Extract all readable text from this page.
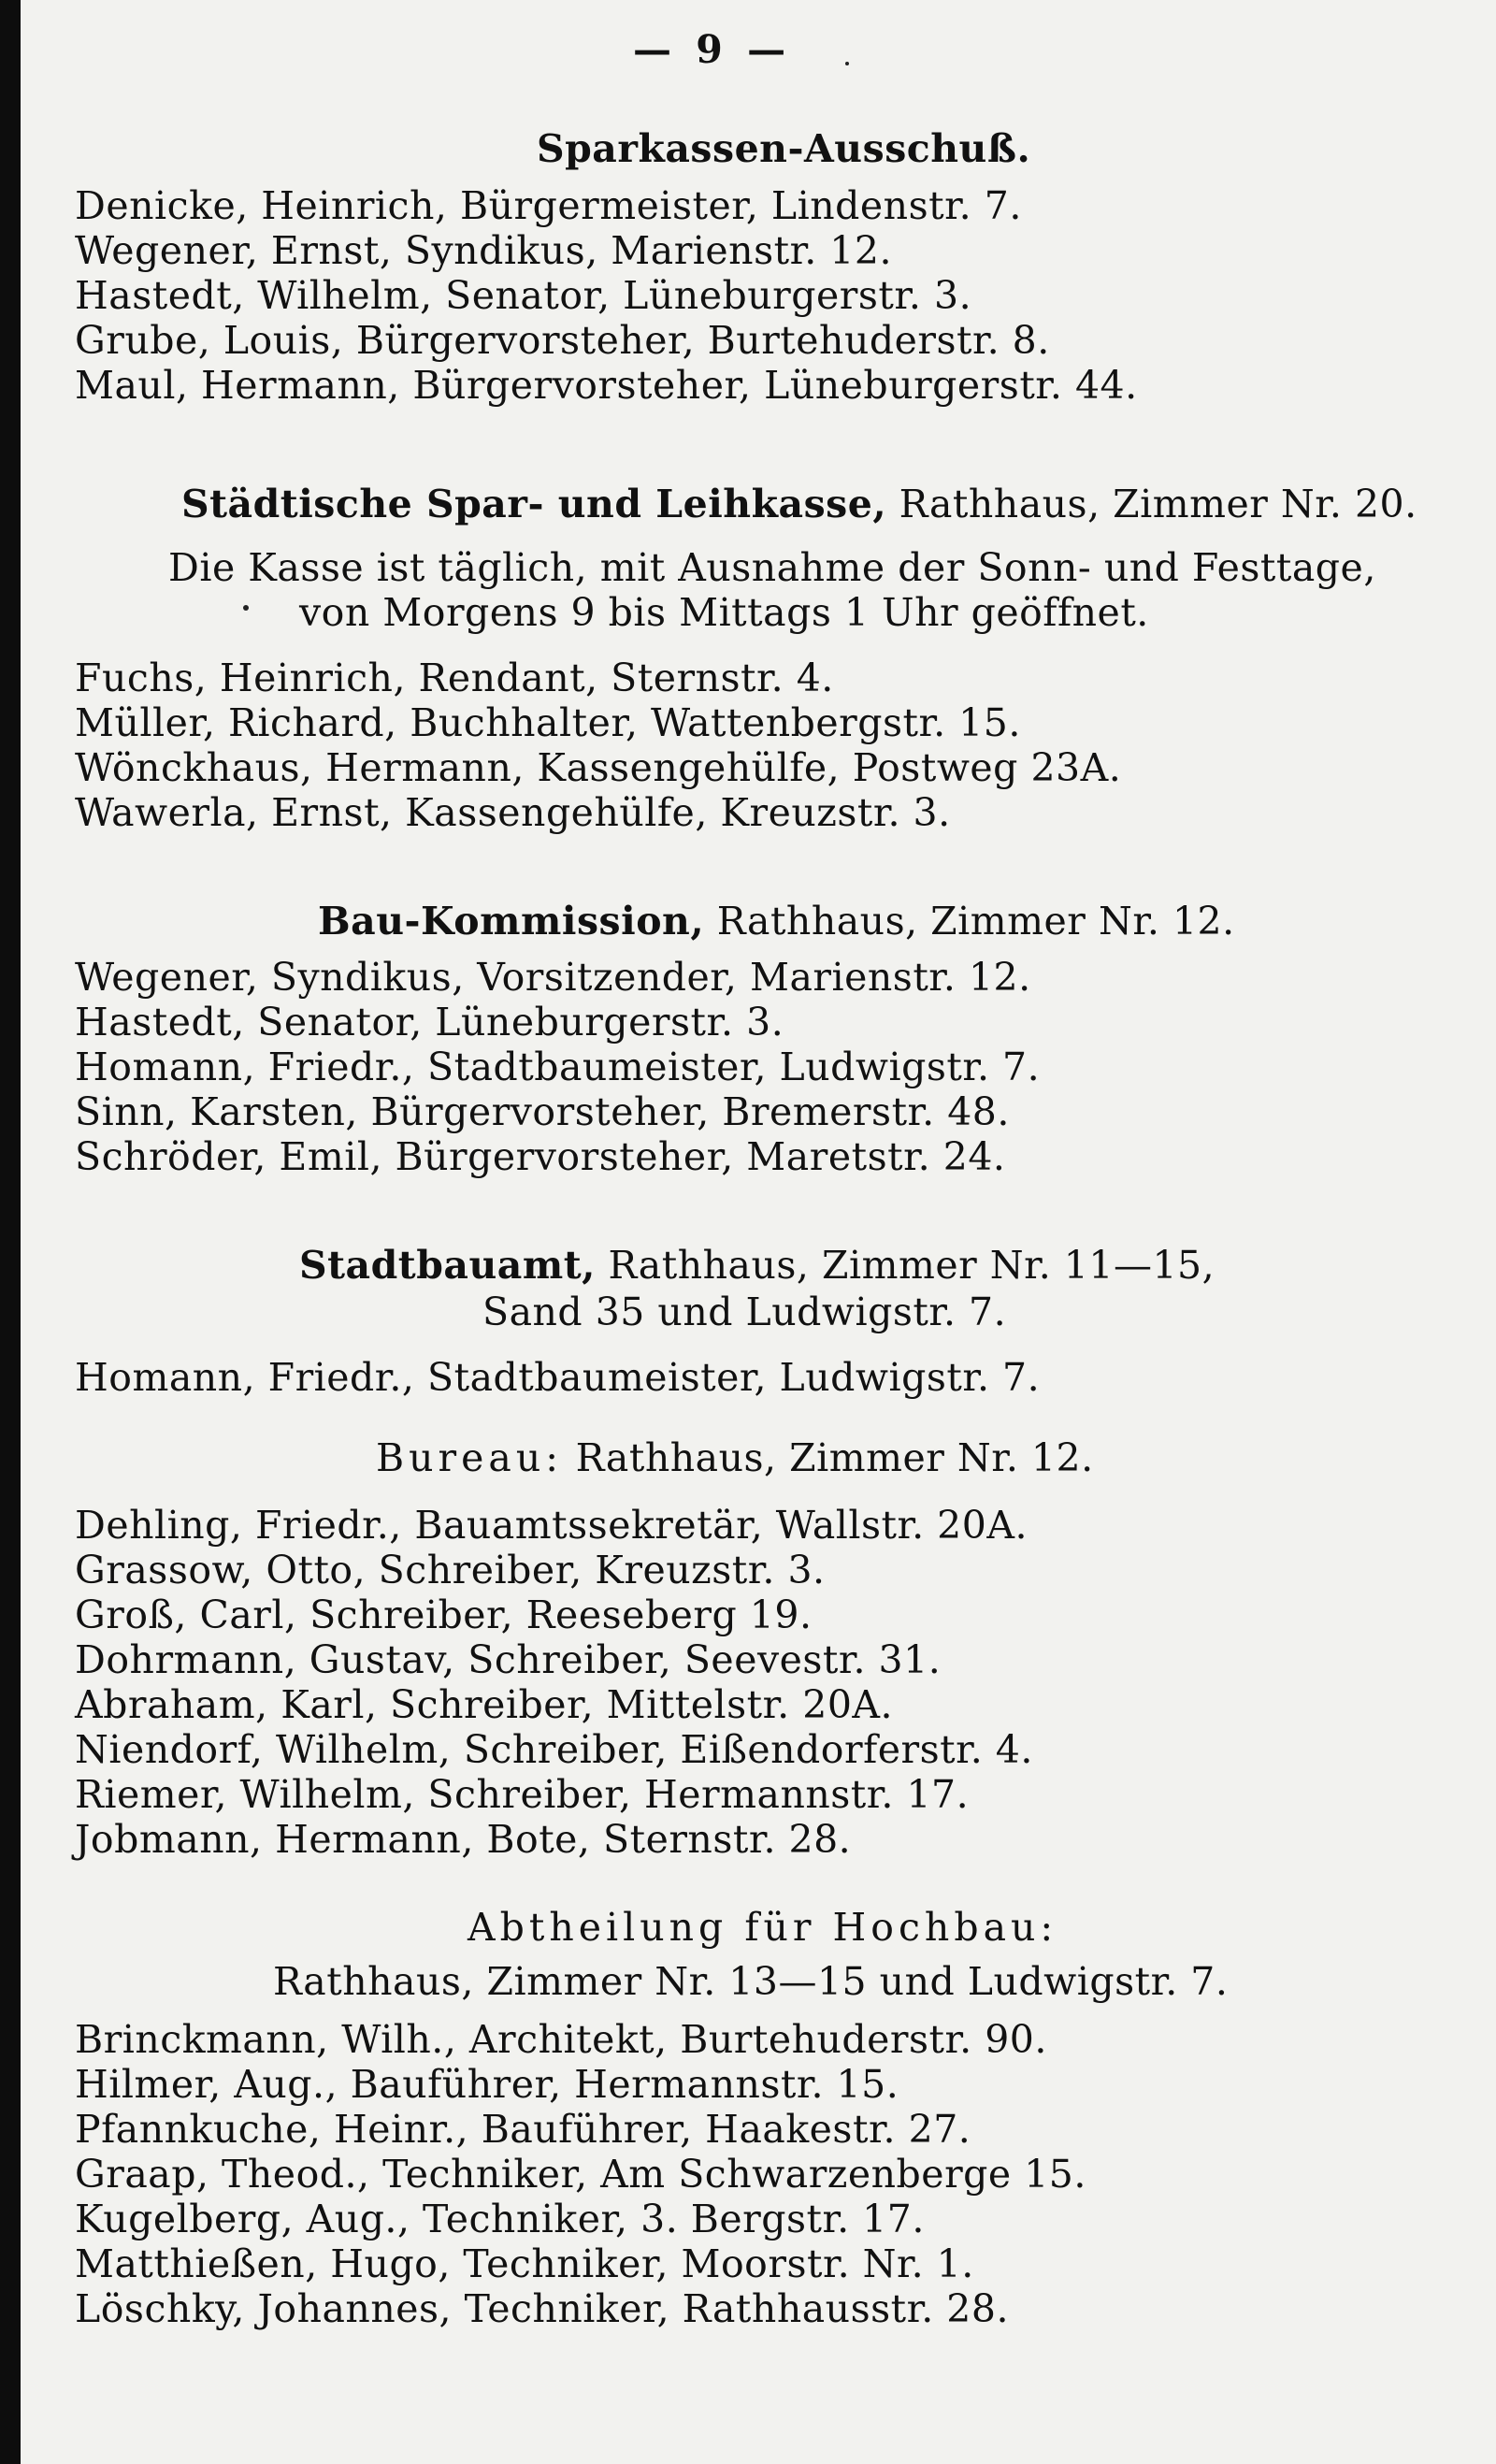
— 9 —
Sparkassen-Ausschuß.
Denicke, Heinrich, Bürgermeister, Lindenstr. 7.
Wegener, Ernst, Syndikus, Marienstr. 12.
Hastedt, Wilhelm, Senator, Lüneburgerstr. 3.
Grube, Louis, Bürgervorsteher, Burtehuderstr. 8.
Maul, Hermann, Bürgervorsteher, Lüneburgerstr. 44.
Städtische Spar- und Leihkasse, Rathhaus, Zimmer Nr. 20.
Die Kasse ist täglich, mit Ausnahme der Sonn- und Festtage,
von Morgens 9 bis Mittags 1 Uhr geöffnet.
Fuchs, Heinrich, Rendant, Sternstr. 4.
Müller, Richard, Buchhalter, Wattenbergstr. 15.
Wönckhaus, Hermann, Kassengehülfe, Postweg 23A.
Wawerla, Ernst, Kassengehülfe, Kreuzstr. 3.
Bau-Kommission, Rathhaus, Zimmer Nr. 12.
Wegener, Syndikus, Vorsitzender, Marienstr. 12.
Hastedt, Senator, Lüneburgerstr. 3.
Homann, Friedr., Stadtbaumeister, Ludwigstr. 7.
Sinn, Karsten, Bürgervorsteher, Bremerstr. 48.
Schröder, Emil, Bürgervorsteher, Maretstr. 24.
Stadtbauamt, Rathhaus, Zimmer Nr. 11—15,
Sand 35 und Ludwigstr. 7.
Homann, Friedr., Stadtbaumeister, Ludwigstr. 7.
Bureau: Rathhaus, Zimmer Nr. 12.
Dehling, Friedr., Bauamtssekretär, Wallstr. 20A.
Grassow, Otto, Schreiber, Kreuzstr. 3.
Groß, Carl, Schreiber, Reeseberg 19.
Dohrmann, Gustav, Schreiber, Seevestr. 31.
Abraham, Karl, Schreiber, Mittelstr. 20A.
Niendorf, Wilhelm, Schreiber, Eißendorferstr. 4.
Riemer, Wilhelm, Schreiber, Hermannstr. 17.
Jobmann, Hermann, Bote, Sternstr. 28.
Abtheilung für Hochbau:
Rathhaus, Zimmer Nr. 13—15 und Ludwigstr. 7.
Brinckmann, Wilh., Architekt, Burtehuderstr. 90.
Hilmer, Aug., Bauführer, Hermannstr. 15.
Pfannkuche, Heinr., Bauführer, Haakestr. 27.
Graap, Theod., Techniker, Am Schwarzenberge 15.
Kugelberg, Aug., Techniker, 3. Bergstr. 17.
Matthießen, Hugo, Techniker, Moorstr. Nr. 1.
Löschky, Johannes, Techniker, Rathhausstr. 28.
